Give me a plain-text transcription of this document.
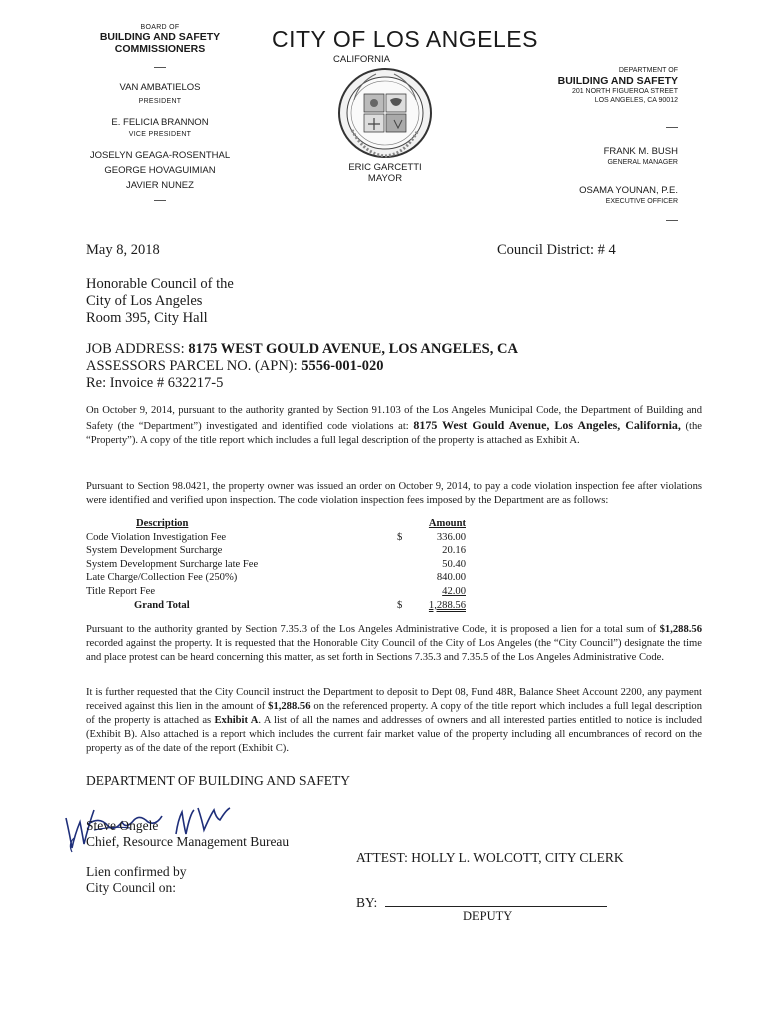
BOARD OF
BUILDING AND SAFETY
COMMISSIONERS
VAN AMBATIELOS
PRESIDENT
E. FELICIA BRANNON
VICE PRESIDENT
JOSELYN GEAGA-ROSENTHAL
GEORGE HOVAGUIMIAN
JAVIER NUNEZ
CITY OF LOS ANGELES
CALIFORNIA
ERIC GARCETTI
MAYOR
DEPARTMENT OF
BUILDING AND SAFETY
201 NORTH FIGUEROA STREET
LOS ANGELES, CA 90012
FRANK M. BUSH
GENERAL MANAGER
OSAMA YOUNAN, P.E.
EXECUTIVE OFFICER
May 8, 2018	Council District: # 4
Honorable Council of the
City of Los Angeles
Room 395, City Hall
JOB ADDRESS: 8175 WEST GOULD AVENUE, LOS ANGELES, CA
ASSESSORS PARCEL NO. (APN): 5556-001-020
Re: Invoice # 632217-5
On October 9, 2014, pursuant to the authority granted by Section 91.103 of the Los Angeles Municipal Code, the Department of Building and Safety (the “Department”) investigated and identified code violations at: 8175 West Gould Avenue, Los Angeles, California, (the “Property”). A copy of the title report which includes a full legal description of the property is attached as Exhibit A.
Pursuant to Section 98.0421, the property owner was issued an order on October 9, 2014, to pay a code violation inspection fee after violations were identified and verified upon inspection. The code violation inspection fees imposed by the Department are as follows:
Description	Amount
Code Violation Investigation Fee	$	336.00
System Development Surcharge	20.16
System Development Surcharge late Fee	50.40
Late Charge/Collection Fee (250%)	840.00
Title Report Fee	42.00
Grand Total	$	1,288.56
Pursuant to the authority granted by Section 7.35.3 of the Los Angeles Administrative Code, it is proposed a lien for a total sum of $1,288.56 recorded against the property. It is requested that the Honorable City Council of the City of Los Angeles (the “City Council”) designate the time and place protest can be heard concerning this matter, as set forth in Sections 7.35.3 and 7.35.5 of the Los Angeles Administrative Code.
It is further requested that the City Council instruct the Department to deposit to Dept 08, Fund 48R, Balance Sheet Account 2200, any payment received against this lien in the amount of $1,288.56 on the referenced property. A copy of the title report which includes a full legal description of the property is attached as Exhibit A. A list of all the names and addresses of owners and all interested parties entitled to notice is included (Exhibit B). Also attached is a report which includes the current fair market value of the property including all encumbrances of record on the property as of the date of the report (Exhibit C).
DEPARTMENT OF BUILDING AND SAFETY
Steve Ongele
Chief, Resource Management Bureau
ATTEST: HOLLY L. WOLCOTT, CITY CLERK
Lien confirmed by
City Council on:
BY:
DEPUTY
